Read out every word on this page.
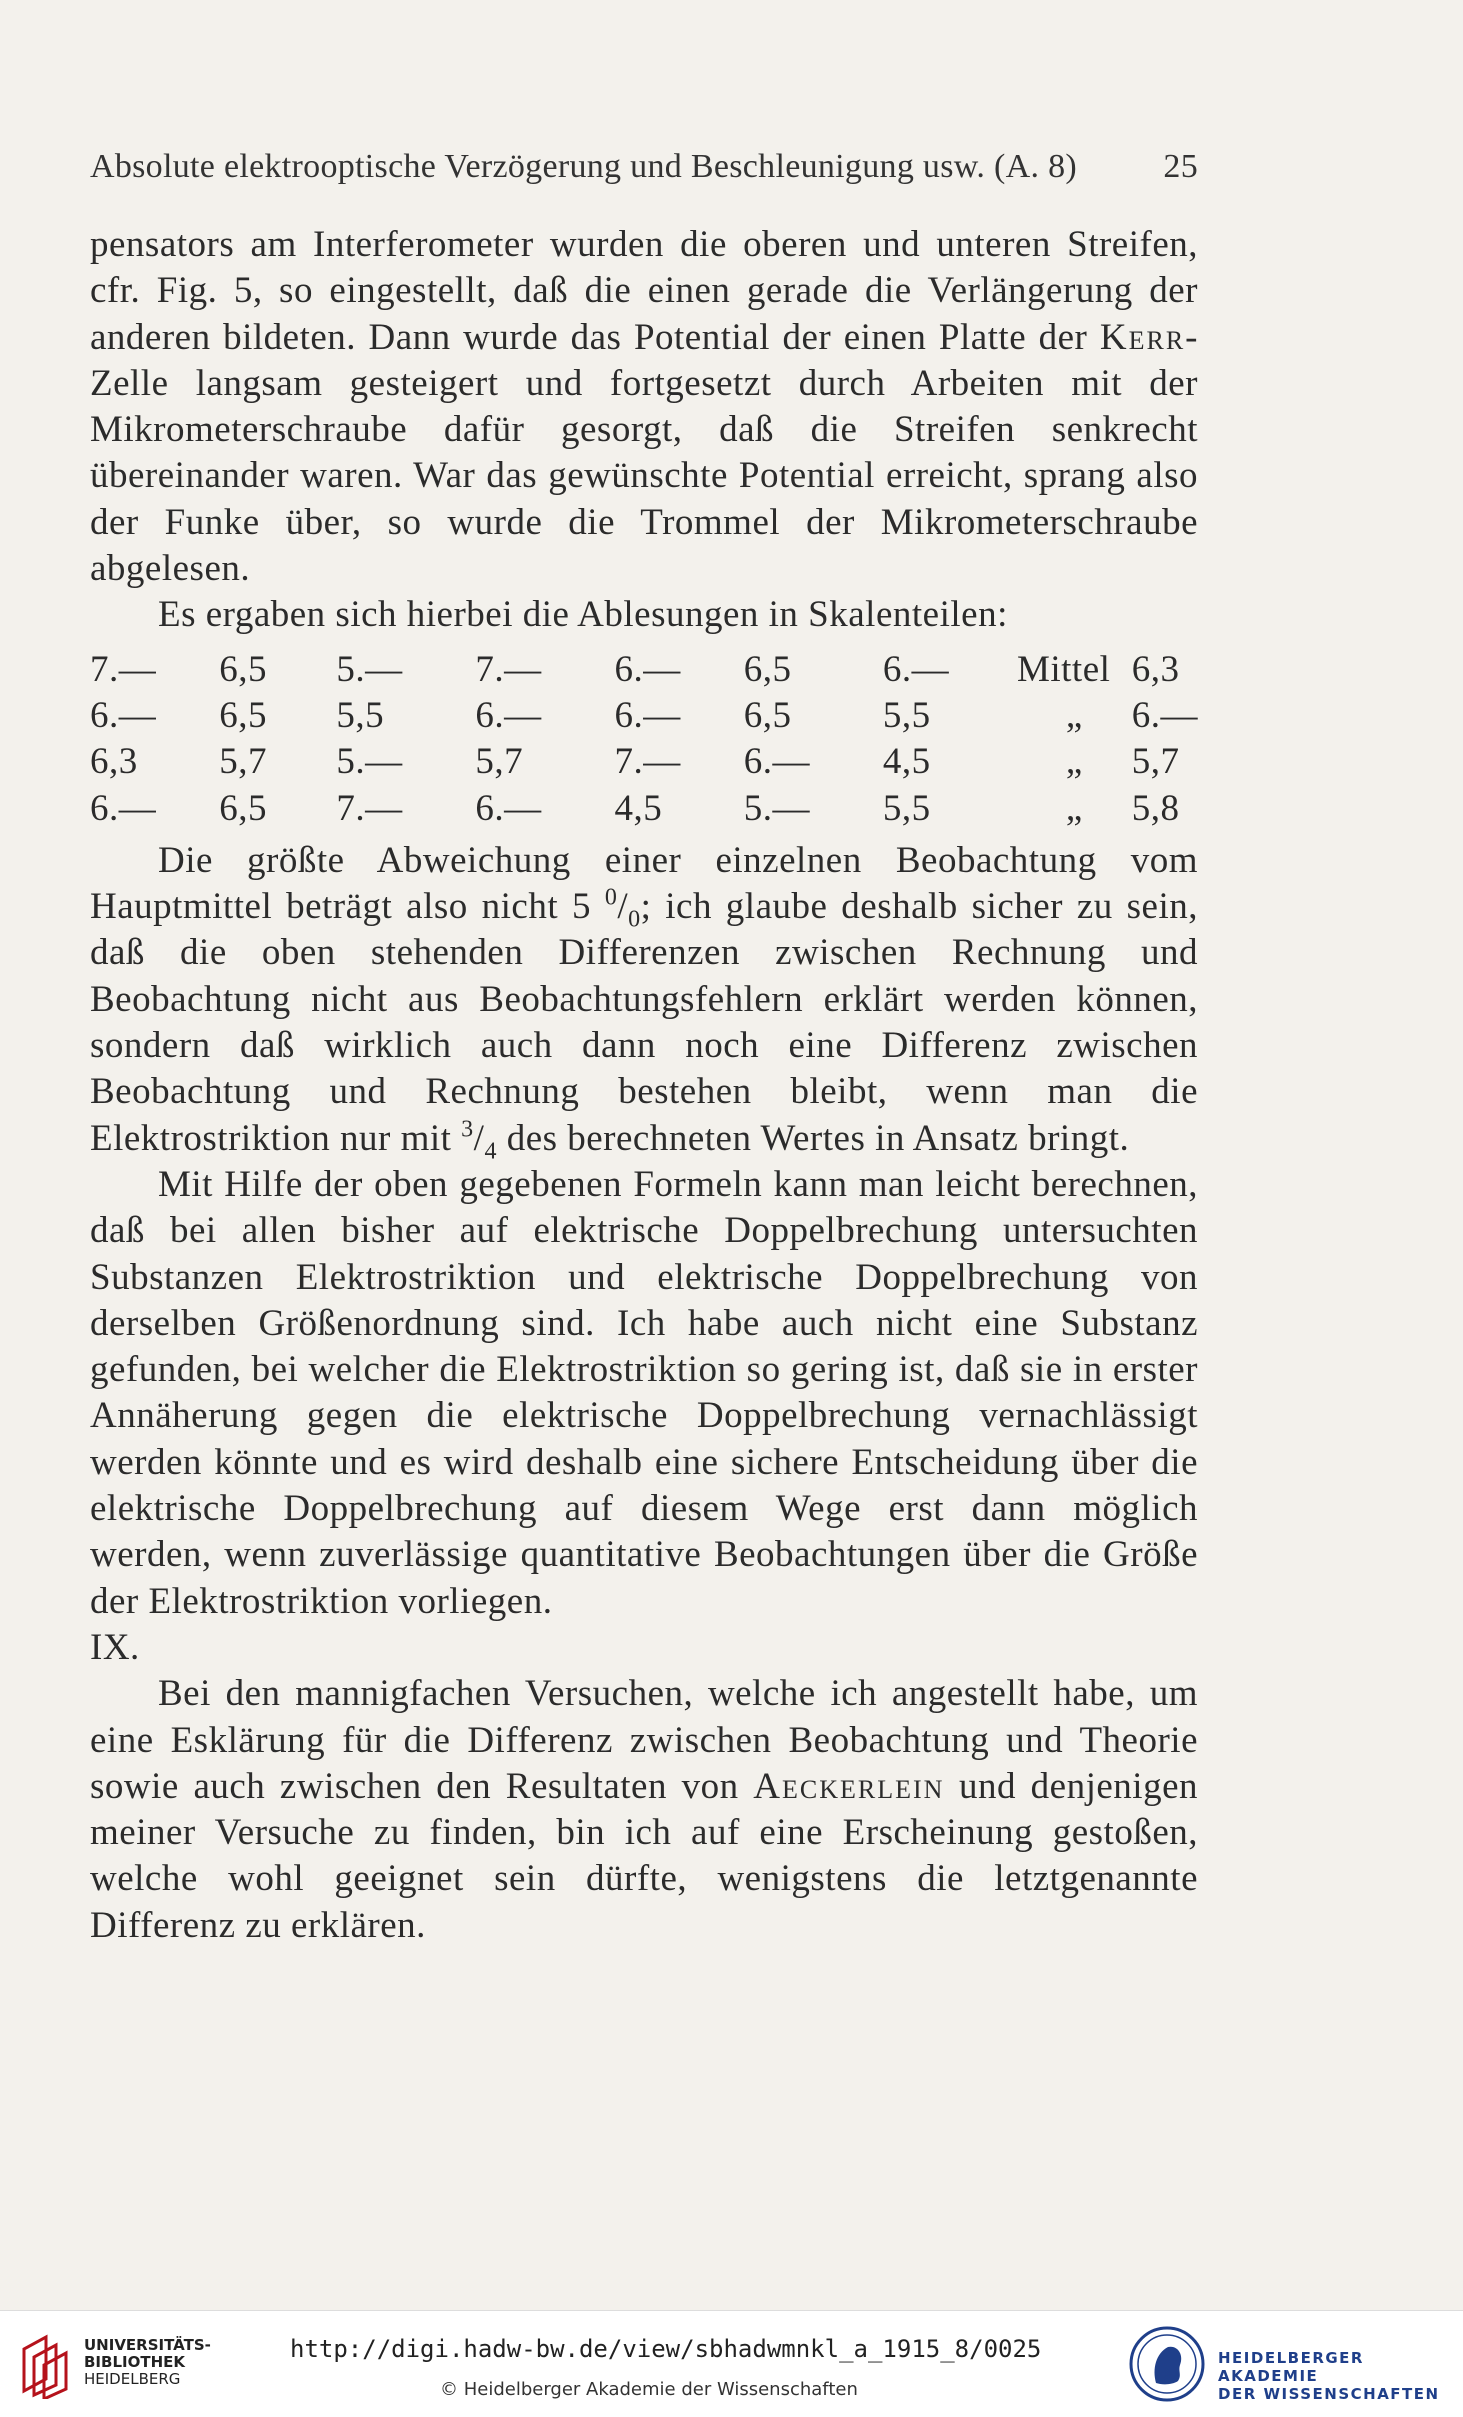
Absolute elektrooptische Verzögerung und Beschleunigung usw. (A. 8)	25

pensators am Interferometer wurden die oberen und unteren Streifen, cfr. Fig. 5, so eingestellt, daß die einen gerade die Verlängerung der anderen bildeten. Dann wurde das Potential der einen Platte der Kerr-Zelle langsam gesteigert und fortgesetzt durch Arbeiten mit der Mikrometerschraube dafür gesorgt, daß die Streifen senkrecht übereinander waren. War das gewünschte Potential erreicht, sprang also der Funke über, so wurde die Trommel der Mikrometerschraube abgelesen.

Es ergaben sich hierbei die Ablesungen in Skalenteilen:

7.—	6,5	5.—	7.—	6.—	6,5	6.—	Mittel	6,3
6.—	6,5	5,5	6.—	6.—	6,5	5,5	„	6.—
6,3	5,7	5.—	5,7	7.—	6.—	4,5	„	5,7
6.—	6,5	7.—	6.—	4,5	5.—	5,5	„	5,8

Die größte Abweichung einer einzelnen Beobachtung vom Hauptmittel beträgt also nicht 5 $^0/_0$; ich glaube deshalb sicher zu sein, daß die oben stehenden Differenzen zwischen Rechnung und Beobachtung nicht aus Beobachtungsfehlern erklärt werden können, sondern daß wirklich auch dann noch eine Differenz zwischen Beobachtung und Rechnung bestehen bleibt, wenn man die Elektrostriktion nur mit $^3/_4$ des berechneten Wertes in Ansatz bringt.

Mit Hilfe der oben gegebenen Formeln kann man leicht berechnen, daß bei allen bisher auf elektrische Doppelbrechung untersuchten Substanzen Elektrostriktion und elektrische Doppelbrechung von derselben Größenordnung sind. Ich habe auch nicht eine Substanz gefunden, bei welcher die Elektrostriktion so gering ist, daß sie in erster Annäherung gegen die elektrische Doppelbrechung vernachlässigt werden könnte und es wird deshalb eine sichere Entscheidung über die elektrische Doppelbrechung auf diesem Wege erst dann möglich werden, wenn zuverlässige quantitative Beobachtungen über die Größe der Elektrostriktion vorliegen.

IX.

Bei den mannigfachen Versuchen, welche ich angestellt habe, um eine Esklärung für die Differenz zwischen Beobachtung und Theorie sowie auch zwischen den Resultaten von Aeckerlein und denjenigen meiner Versuche zu finden, bin ich auf eine Erscheinung gestoßen, welche wohl geeignet sein dürfte, wenigstens die letztgenannte Differenz zu erklären.

UNIVERSITÄTS-
BIBLIOTHEK
HEIDELBERG
http://digi.hadw-bw.de/view/sbhadwmnkl_a_1915_8/0025
© Heidelberger Akademie der Wissenschaften
HEIDELBERGER AKADEMIE
DER WISSENSCHAFTEN
